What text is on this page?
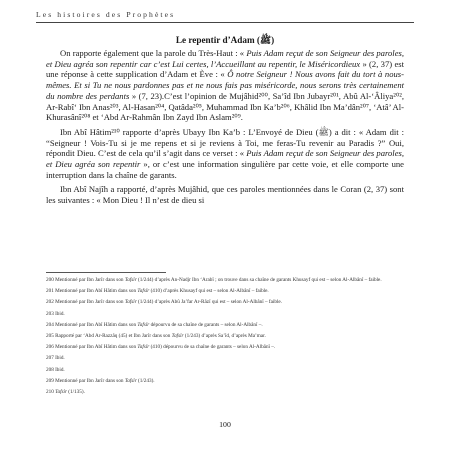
Les histoires des Prophètes
Le repentir d’Adam (ﷺ)

On rapporte également que la parole du Très-Haut : « Puis Adam reçut de son Seigneur des paroles, et Dieu agréa son repentir car c’est Lui certes, l’Accueillant au repentir, le Miséricordieux » (2, 37) est une réponse à cette supplication d’Adam et Ève : « Ô notre Seigneur ! Nous avons fait du tort à nous-mêmes. Et si Tu ne nous pardonnes pas et ne nous fais pas miséricorde, nous serons très certainement du nombre des perdants » (7, 23).C’est l’opinion de Mujâhid²⁰⁰, Sa’îd Ibn Jubayr²⁰¹, Abû Al-‘Âliya²⁰², Ar-Rabî‘ Ibn Anas²⁰³, Al-Hasan²⁰⁴, Qatâda²⁰⁵, Muhammad Ibn Ka’b²⁰⁶, Khâlid Ibn Ma’dân²⁰⁷, ‘Atâ’ Al-Khurasânî²⁰⁸ et ‘Abd Ar-Rahmân Ibn Zayd Ibn Aslam²⁰⁹.

Ibn Abî Hâtim²¹⁰ rapporte d’après Ubayy Ibn Ka’b : L’Envoyé de Dieu (ﷺ) a dit : « Adam dit : “Seigneur ! Vois-Tu si je me repens et si je reviens à Toi, me feras-Tu revenir au Paradis ?” Oui, répondit Dieu. C’est de cela qu’il s’agit dans ce verset : « Puis Adam reçut de son Seigneur des paroles, et Dieu agréa son repentir », or c’est une information singulière par cette voie, et elle comporte une interruption dans la chaîne de garants.

Ibn Abî Najîh a rapporté, d’après Mujâhid, que ces paroles mentionnées dans le Coran (2, 37) sont les suivantes : « Mon Dieu ! Il n’est de dieu si

200 Mentionné par Ibn Jarîr dans son Tafsîr (1/244) d’après An-Nadjr Ibn ‘Arabî ; on trouve dans sa chaîne de garants Khusayf qui est – selon Al-Albânî – faible.
201 Mentionné par Ibn Abî Hâtim dans son Tafsîr (410) d’après Khusayf qui est – selon Al-Albânî – faible.
202 Mentionné par Ibn Jarîr dans son Tafsîr (1/244) d’après Abû Ja’far Ar-Râzî qui est – selon Al-Albânî – faible.
203 Ibid.
204 Mentionné par Ibn Abî Hâtim dans son Tafsîr dépourvu de sa chaîne de garants – selon Al-Albânî –.
205 Rapporté par ‘Abd Ar-Razzâq (45) et Ibn Jarîr dans son Tafsîr (1/243) d’après Sa’îd, d’après Ma’mar.
206 Mentionné par Ibn Abî Hâtim dans son Tafsîr (410) dépourvu de sa chaîne de garants – selon Al-Albânî –.
207 Ibid.
208 Ibid.
209 Mentionné par Ibn Jarîr dans son Tafsîr (1/243).
210 Tafsîr (1/135).
100
